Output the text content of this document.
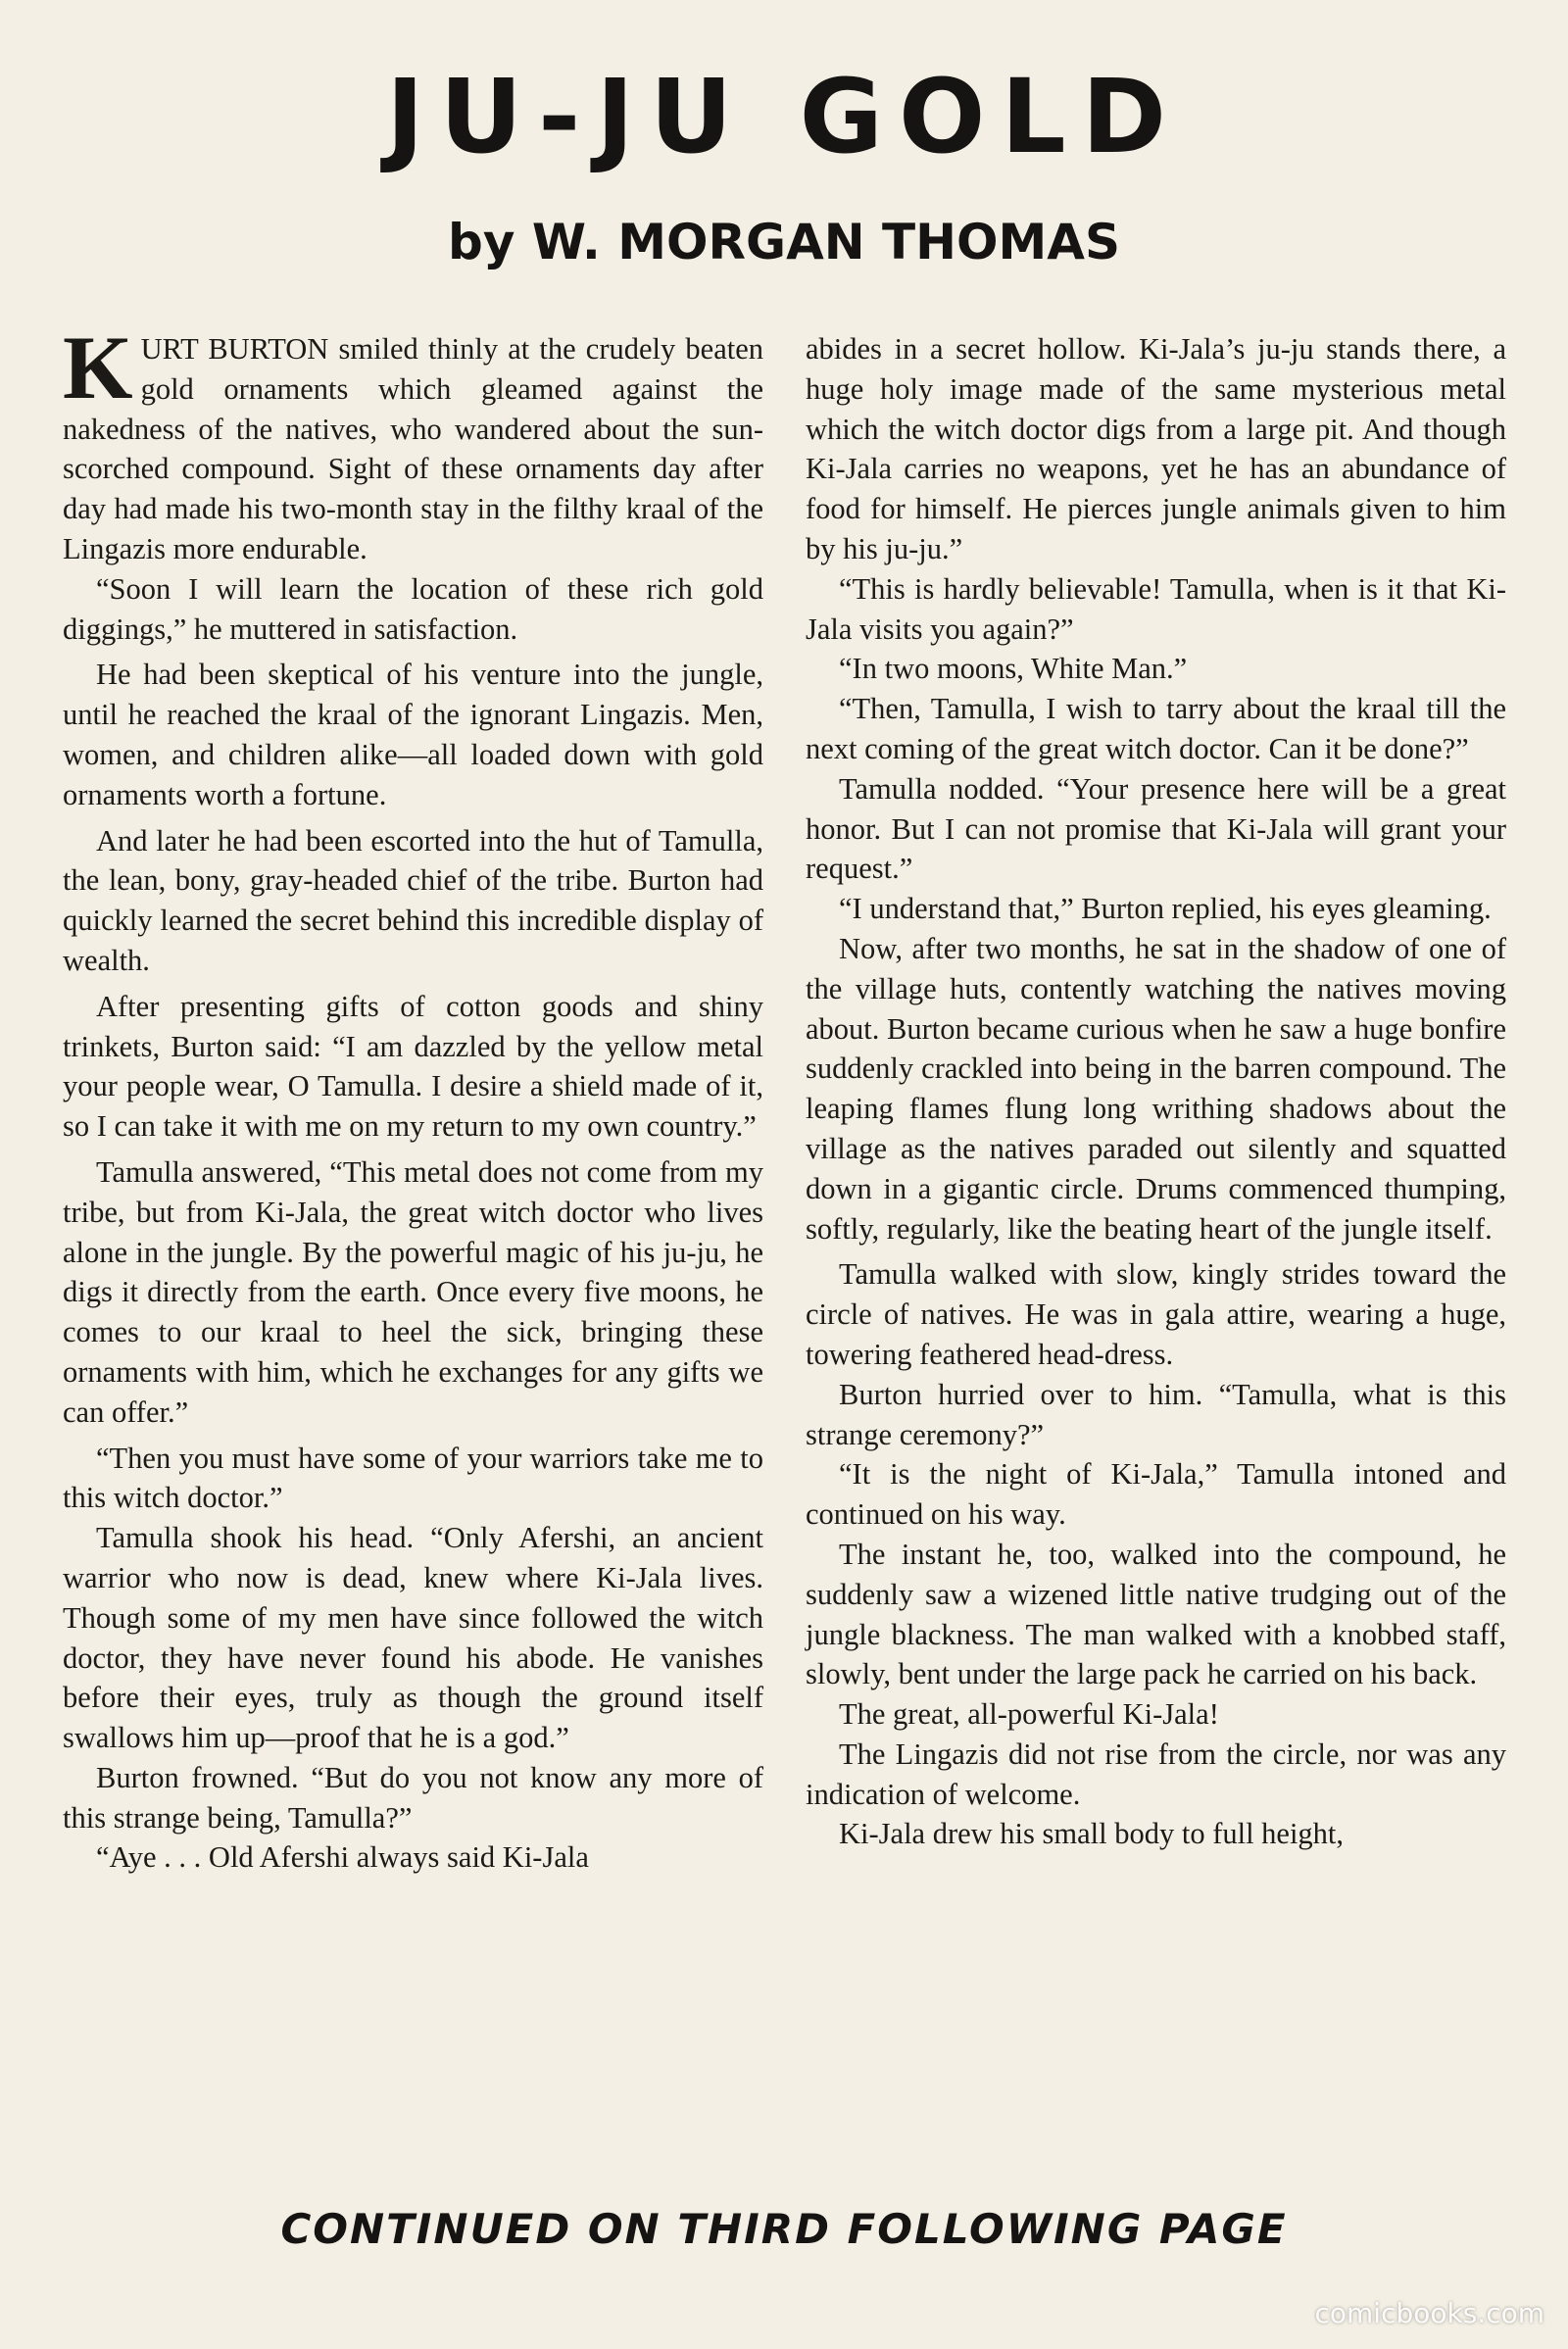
JU-JU GOLD
by W. MORGAN THOMAS

KURT BURTON smiled thinly at the crudely beaten gold ornaments which gleamed against the nakedness of the natives, who wandered about the sun-scorched compound. Sight of these ornaments day after day had made his two-month stay in the filthy kraal of the Lingazis more endurable.

“Soon I will learn the location of these rich gold diggings,” he muttered in satisfaction.

He had been skeptical of his venture into the jungle, until he reached the kraal of the ignorant Lingazis. Men, women, and children alike—all loaded down with gold ornaments worth a fortune.

And later he had been escorted into the hut of Tamulla, the lean, bony, gray-headed chief of the tribe. Burton had quickly learned the secret behind this incredible display of wealth.

After presenting gifts of cotton goods and shiny trinkets, Burton said: “I am dazzled by the yellow metal your people wear, O Tamulla. I desire a shield made of it, so I can take it with me on my return to my own country.”

Tamulla answered, “This metal does not come from my tribe, but from Ki-Jala, the great witch doctor who lives alone in the jungle. By the powerful magic of his ju-ju, he digs it directly from the earth. Once every five moons, he comes to our kraal to heel the sick, bringing these ornaments with him, which he exchanges for any gifts we can offer.”

“Then you must have some of your warriors take me to this witch doctor.”

Tamulla shook his head. “Only Afershi, an ancient warrior who now is dead, knew where Ki-Jala lives. Though some of my men have since followed the witch doctor, they have never found his abode. He vanishes before their eyes, truly as though the ground itself swallows him up—proof that he is a god.”

Burton frowned. “But do you not know any more of this strange being, Tamulla?”

“Aye . . . Old Afershi always said Ki-Jala

abides in a secret hollow. Ki-Jala’s ju-ju stands there, a huge holy image made of the same mysterious metal which the witch doctor digs from a large pit. And though Ki-Jala carries no weapons, yet he has an abundance of food for himself. He pierces jungle animals given to him by his ju-ju.”

“This is hardly believable! Tamulla, when is it that Ki-Jala visits you again?”

“In two moons, White Man.”

“Then, Tamulla, I wish to tarry about the kraal till the next coming of the great witch doctor. Can it be done?”

Tamulla nodded. “Your presence here will be a great honor. But I can not promise that Ki-Jala will grant your request.”

“I understand that,” Burton replied, his eyes gleaming.

Now, after two months, he sat in the shadow of one of the village huts, contently watching the natives moving about. Burton became curious when he saw a huge bonfire suddenly crackled into being in the barren compound. The leaping flames flung long writhing shadows about the village as the natives paraded out silently and squatted down in a gigantic circle. Drums commenced thumping, softly, regularly, like the beating heart of the jungle itself.

Tamulla walked with slow, kingly strides toward the circle of natives. He was in gala attire, wearing a huge, towering feathered head-dress.

Burton hurried over to him. “Tamulla, what is this strange ceremony?”

“It is the night of Ki-Jala,” Tamulla intoned and continued on his way.

The instant he, too, walked into the compound, he suddenly saw a wizened little native trudging out of the jungle blackness. The man walked with a knobbed staff, slowly, bent under the large pack he carried on his back.

The great, all-powerful Ki-Jala!

The Lingazis did not rise from the circle, nor was any indication of welcome.

Ki-Jala drew his small body to full height,

CONTINUED ON THIRD FOLLOWING PAGE
comicbooks.com
